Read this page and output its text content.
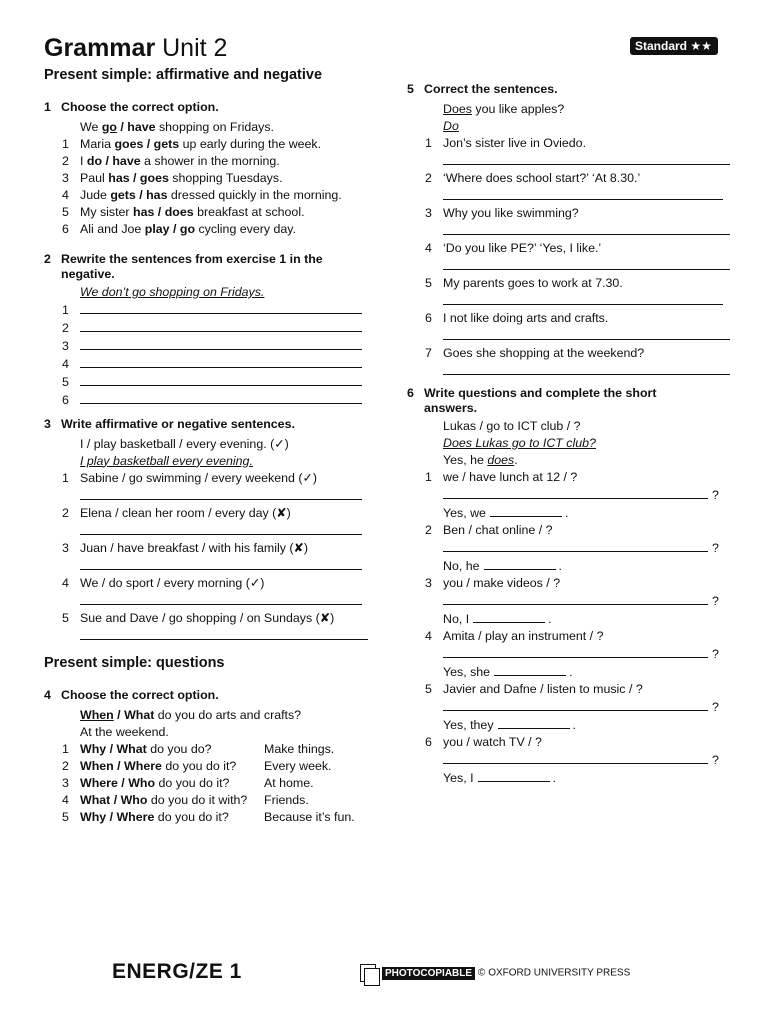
Grammar Unit 2	Standard ★★
Present simple: affirmative and negative
1 Choose the correct option.
We go / have shopping on Fridays.
1 Maria goes / gets up early during the week.
2 I do / have a shower in the morning.
3 Paul has / goes shopping Tuesdays.
4 Jude gets / has dressed quickly in the morning.
5 My sister has / does breakfast at school.
6 Ali and Joe play / go cycling every day.
2 Rewrite the sentences from exercise 1 in the
negative.
We don’t go shopping on Fridays.
1
2
3
4
5
6
3 Write affirmative or negative sentences.
I / play basketball / every evening. (✓)
I play basketball every evening.
1 Sabine / go swimming / every weekend (✓)
2 Elena / clean her room / every day (✘)
3 Juan / have breakfast / with his family (✘)
4 We / do sport / every morning (✓)
5 Sue and Dave / go shopping / on Sundays (✘)
Present simple: questions
4 Choose the correct option.
When / What do you do arts and crafts?
At the weekend.
1 Why / What do you do?	Make things.
2 When / Where do you do it? Every week.
3 Where / Who do you do it?	At home.
4 What / Who do you do it with? Friends.
5 Why / Where do you do it?	Because it’s fun.
5 Correct the sentences.
Does you like apples?
Do
1 Jon’s sister live in Oviedo.
2 ‘Where does school start?’ ‘At 8.30.’
3 Why you like swimming?
4 ‘Do you like PE?’ ‘Yes, I like.’
5 My parents goes to work at 7.30.
6 I not like doing arts and crafts.
7 Goes she shopping at the weekend?
6 Write questions and complete the short
answers.
Lukas / go to ICT club / ?
Does Lukas go to ICT club?
Yes, he does.
1 we / have lunch at 12 / ?
?
Yes, we	.
2 Ben / chat online / ?
?
No, he	.
3 you / make videos / ?
?
No, I	.
4 Amita / play an instrument / ?
?
Yes, she	.
5 Javier and Dafne / listen to music / ?
?
Yes, they	.
6 you / watch TV / ?
?
Yes, I	.
ENERG/ZE 1	PHOTOCOPIABLE © OXFORD UNIVERSITY PRESS
